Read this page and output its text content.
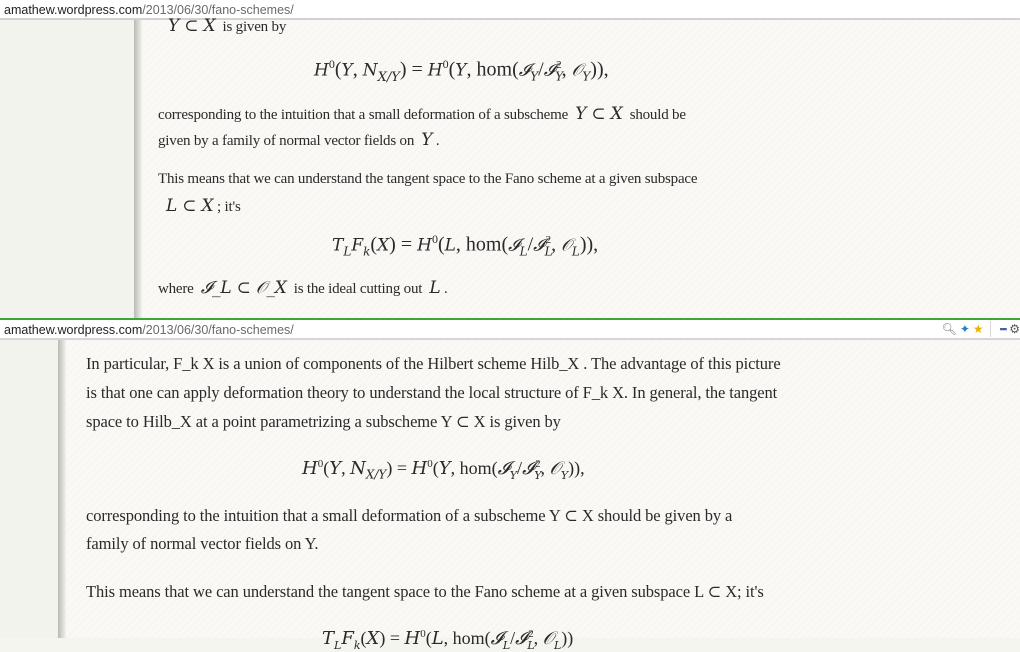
amathew.wordpress.com/2013/06/30/fano-schemes/
Y ⊂ X is given by
$H^0(Y$, $N_{X/Y}) = H^0(Y$, hom(𝓘$_Y$/𝓘$_Y^2$, 𝒪$_Y$)),
corresponding to the intuition that a small deformation of a subscheme Y ⊂ X should be
given by a family of normal vector fields on Y .
This means that we can understand the tangent space to the Fano scheme at a given subspace
L ⊂ X ; it's
$T_LF_k(X) = H^0(L$, hom(𝓘$_L$/𝓘$_L^2$, 𝒪$_L$)),
where 𝓘_L ⊂ 𝒪_X is the ideal cutting out L .
amathew.wordpress.com/2013/06/30/fano-schemes/	🔍︎ ✦ ★ ▪▪▪ ⚙
In particular, F_k X is a union of components of the Hilbert scheme Hilb_X . The advantage of this picture
is that one can apply deformation theory to understand the local structure of F_k X. In general, the tangent
space to Hilb_X at a point parametrizing a subscheme Y ⊂ X is given by
$H^0(Y$, $N_{X/Y}) = H^0(Y$, hom(𝓘$_Y$/𝓘$_Y^2$, 𝒪$_Y$)),
corresponding to the intuition that a small deformation of a subscheme Y ⊂ X should be given by a
family of normal vector fields on Y.
This means that we can understand the tangent space to the Fano scheme at a given subspace L ⊂ X; it's
$T_LF_k(X) = H^0(L$, hom(𝓘$_L$/𝓘$_L^2$, 𝒪$_L$))
